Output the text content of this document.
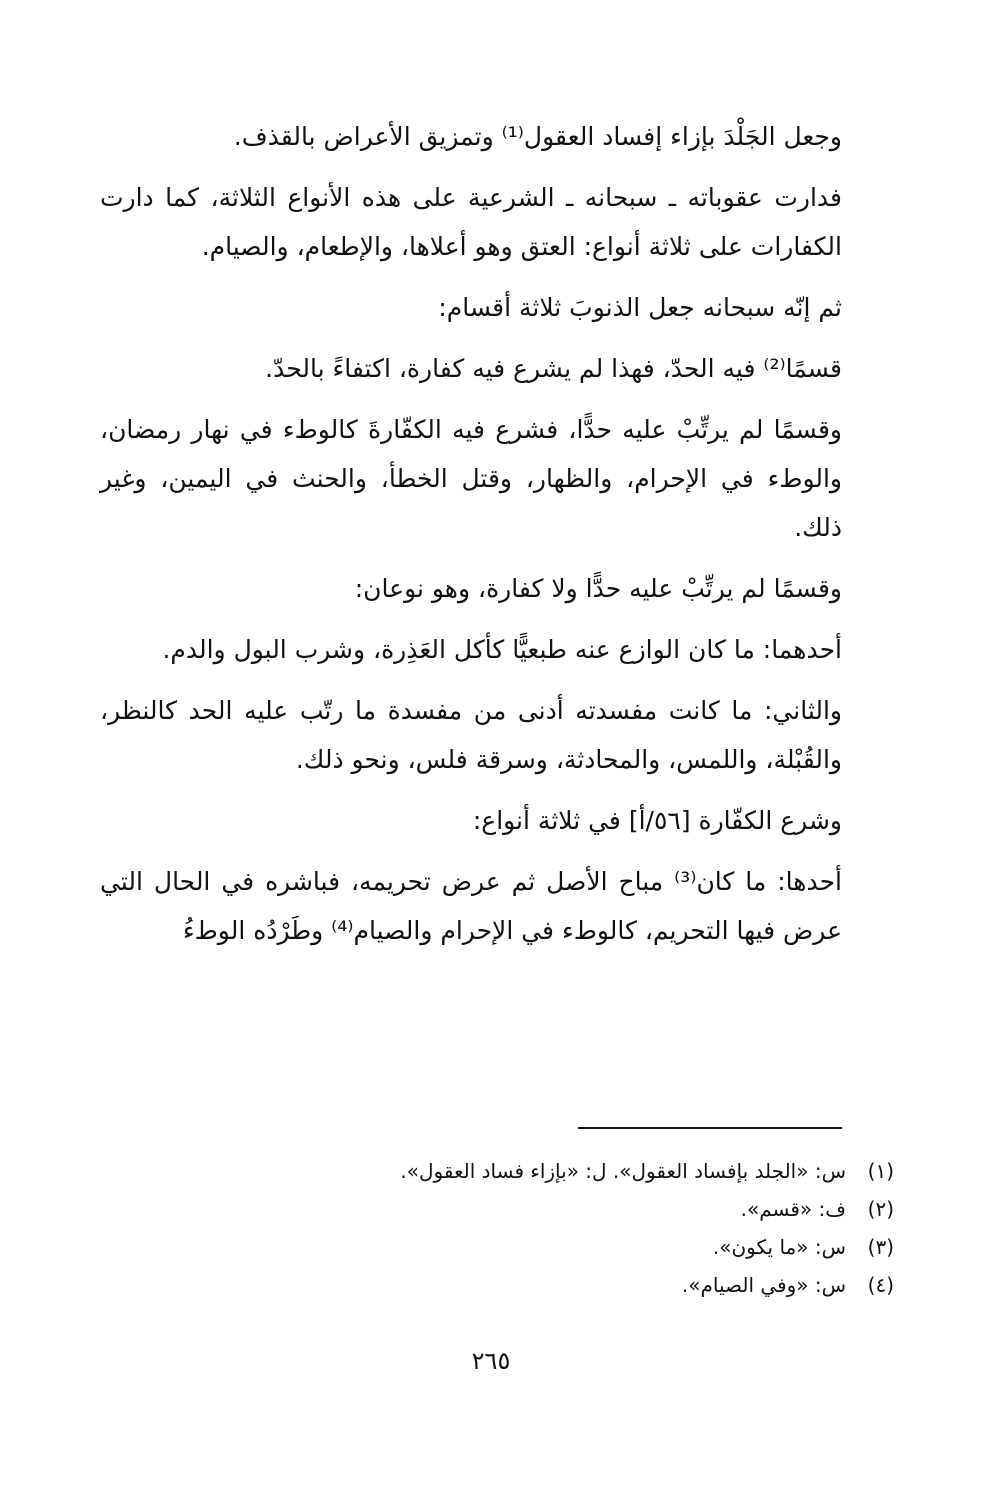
وجعل الجَلْدَ بإزاء إفساد العقول⁽¹⁾ وتمزيق الأعراض بالقذف.

فدارت عقوباته ـ سبحانه ـ الشرعية على هذه الأنواع الثلاثة، كما دارت الكفارات على ثلاثة أنواع: العتق وهو أعلاها، والإطعام، والصيام.

ثم إنّه سبحانه جعل الذنوبَ ثلاثة أقسام:

قسمًا⁽²⁾ فيه الحدّ، فهذا لم يشرع فيه كفارة، اكتفاءً بالحدّ.

وقسمًا لم يرتِّبْ عليه حدًّا، فشرع فيه الكفّارةَ كالوطء في نهار رمضان، والوطء في الإحرام، والظهار، وقتل الخطأ، والحنث في اليمين، وغير ذلك.

وقسمًا لم يرتِّبْ عليه حدًّا ولا كفارة، وهو نوعان:

أحدهما: ما كان الوازع عنه طبعيًّا كأكل العَذِرة، وشرب البول والدم.

والثاني: ما كانت مفسدته أدنى من مفسدة ما رتّب عليه الحد كالنظر، والقُبْلة، واللمس، والمحادثة، وسرقة فلس، ونحو ذلك.

وشرع الكفّارة [٥٦/أ] في ثلاثة أنواع:

أحدها: ما كان⁽³⁾ مباح الأصل ثم عرض تحريمه، فباشره في الحال التي عرض فيها التحريم، كالوطء في الإحرام والصيام⁽⁴⁾ وطَرْدُه الوطءُ

(١)
س: «الجلد بإفساد العقول». ل: «بإزاء فساد العقول».
(٢)
ف: «قسم».
(٣)
س: «ما يكون».
(٤)
س: «وفي الصيام».
٢٦٥
